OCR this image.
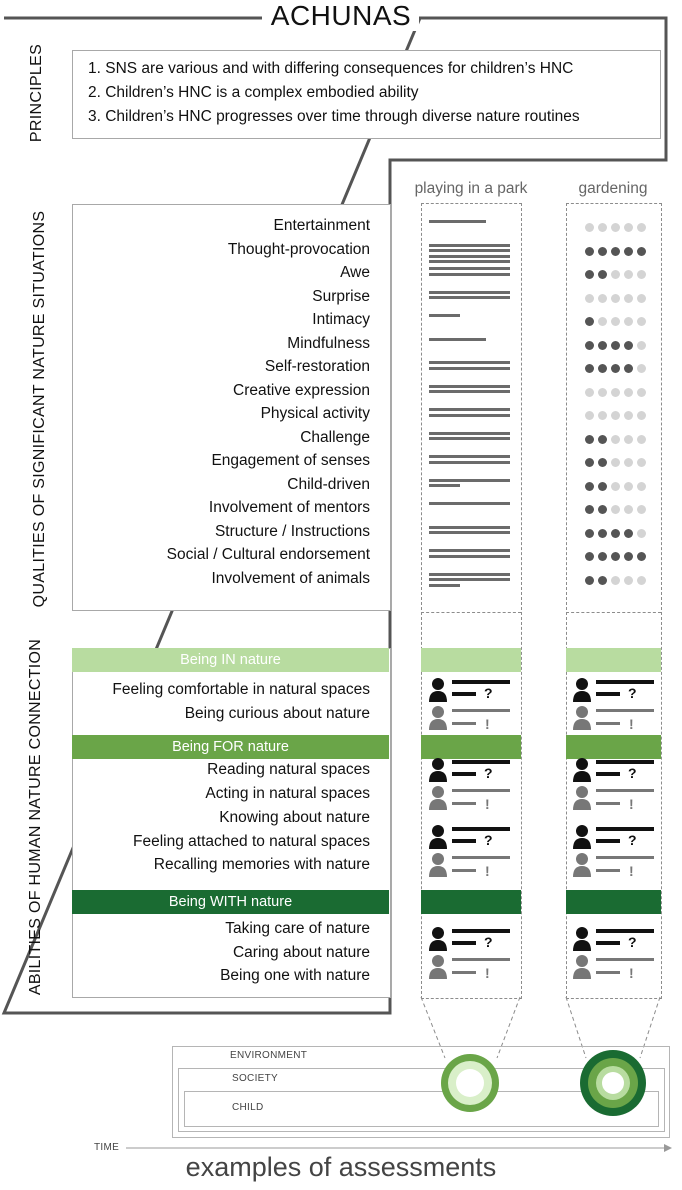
ACHUNAS
PRINCIPLES	1. SNS are various and with differing consequences for children’s HNC
2. Children’s HNC is a complex embodied ability
3. Children’s HNC progresses over time through diverse nature routines
QUALITIES OF SIGNIFICANT NATURE SITUATIONS	Entertainment
Thought-provocation
Awe
Surprise
Intimacy
Mindfulness
Self-restoration
Creative expression
Physical activity
Challenge
Engagement of senses
Child-driven
Involvement of mentors
Structure / Instructions
Social / Cultural endorsement
Involvement of animals
ABILITIES OF HUMAN NATURE CONNECTION	Being IN nature
Feeling comfortable in natural spaces
Being curious about nature
Being FOR nature
Reading natural spaces
Acting in natural spaces
Knowing about nature
Feeling attached to natural spaces
Recalling memories with nature
Being WITH nature
Taking care of nature
Caring about nature
Being one with nature
playing in a park	gardening
?
!
?
!
?
!
?
!
?
!
?
!
?
!
?
!
ENVIRONMENT
SOCIETY
CHILD
TIME
examples of assessments
